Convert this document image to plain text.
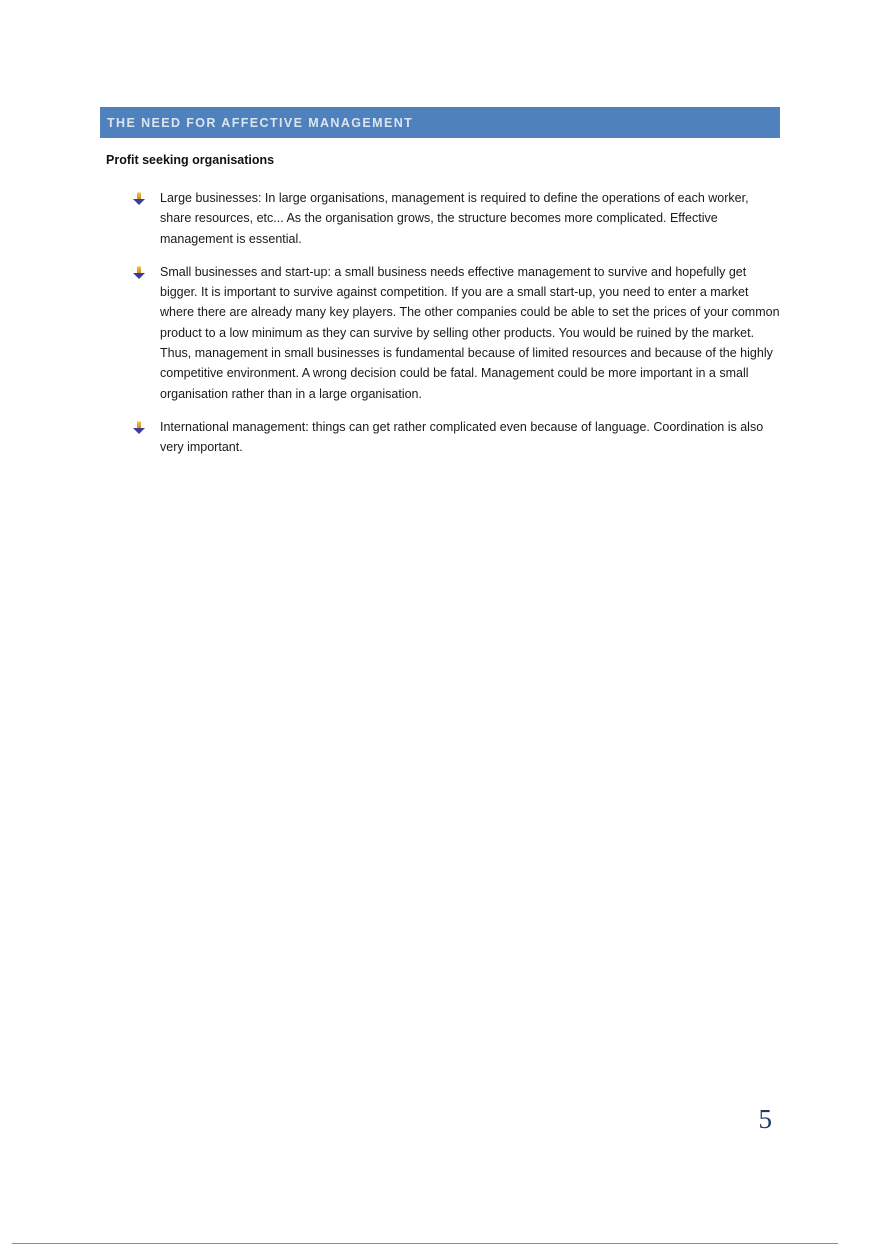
THE NEED FOR AFFECTIVE MANAGEMENT
Profit seeking organisations
Large businesses: In large organisations, management is required to define the operations of each worker, share resources, etc... As the organisation grows, the structure becomes more complicated. Effective management is essential.
Small businesses and start-up: a small business needs effective management to survive and hopefully get bigger. It is important to survive against competition. If you are a small start-up, you need to enter a market where there are already many key players. The other companies could be able to set the prices of your common product to a low minimum as they can survive by selling other products. You would be ruined by the market. Thus, management in small businesses is fundamental because of limited resources and because of the highly competitive environment. A wrong decision could be fatal. Management could be more important in a small organisation rather than in a large organisation.
International management: things can get rather complicated even because of language. Coordination is also very important.
5
